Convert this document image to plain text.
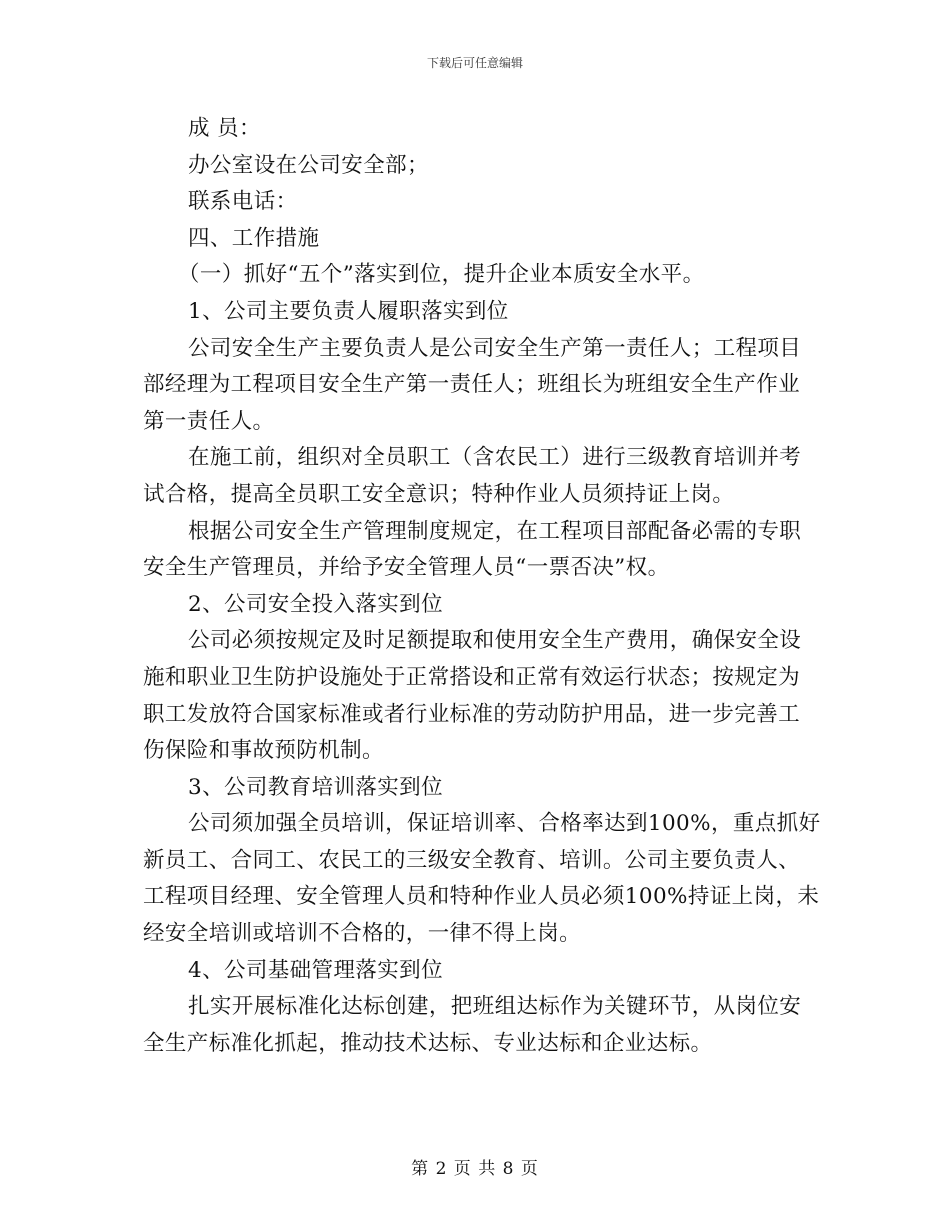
下载后可任意编辑
成 员：
办公室设在公司安全部；
联系电话：
四、工作措施
（一）抓好“五个”落实到位，提升企业本质安全水平。
1、公司主要负责人履职落实到位
公司安全生产主要负责人是公司安全生产第一责任人；工程项目
部经理为工程项目安全生产第一责任人；班组长为班组安全生产作业
第一责任人。
在施工前，组织对全员职工（含农民工）进行三级教育培训并考
试合格，提高全员职工安全意识；特种作业人员须持证上岗。
根据公司安全生产管理制度规定，在工程项目部配备必需的专职
安全生产管理员，并给予安全管理人员“一票否决”权。
2、公司安全投入落实到位
公司必须按规定及时足额提取和使用安全生产费用，确保安全设
施和职业卫生防护设施处于正常搭设和正常有效运行状态；按规定为
职工发放符合国家标准或者行业标准的劳动防护用品，进一步完善工
伤保险和事故预防机制。
3、公司教育培训落实到位
公司须加强全员培训，保证培训率、合格率达到100%，重点抓好
新员工、合同工、农民工的三级安全教育、培训。公司主要负责人、
工程项目经理、安全管理人员和特种作业人员必须100%持证上岗，未
经安全培训或培训不合格的，一律不得上岗。
4、公司基础管理落实到位
扎实开展标准化达标创建，把班组达标作为关键环节，从岗位安
全生产标准化抓起，推动技术达标、专业达标和企业达标。
第 2 页 共 8 页
